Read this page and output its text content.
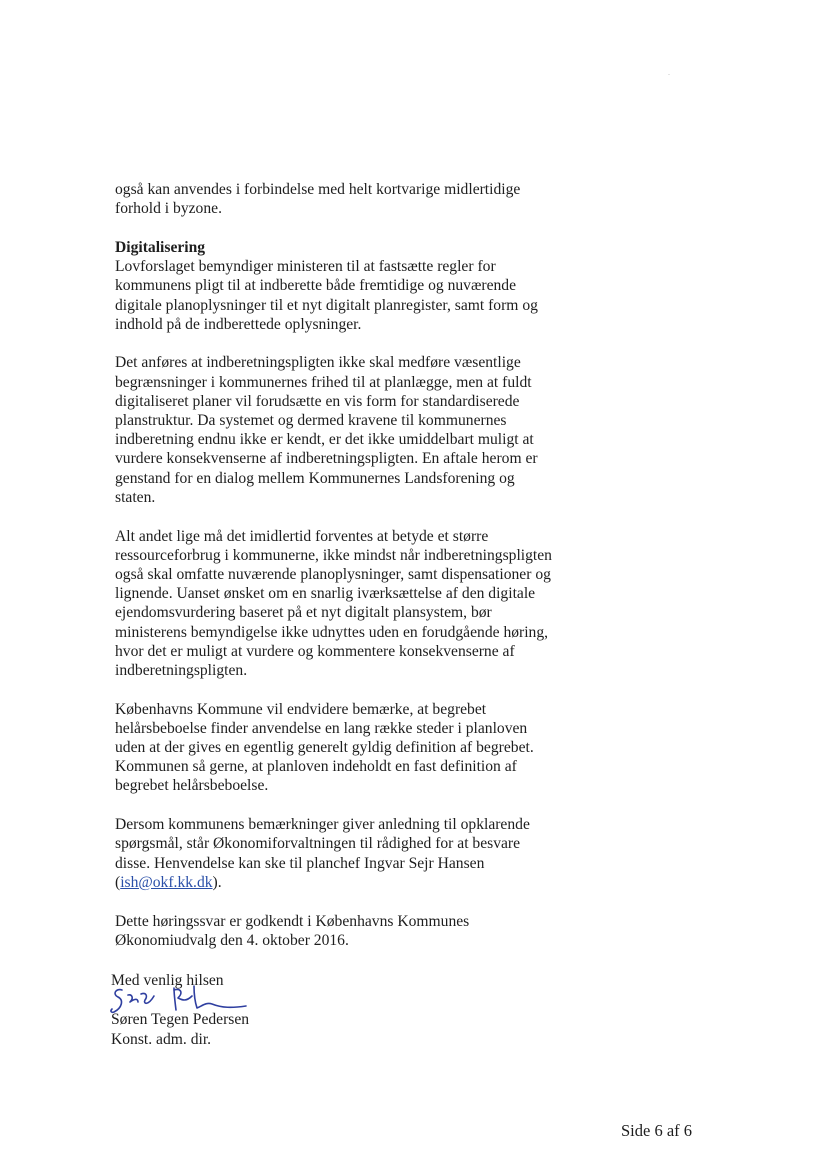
også kan anvendes i forbindelse med helt kortvarige midlertidige
forhold i byzone.
Digitalisering
Lovforslaget bemyndiger ministeren til at fastsætte regler for
kommunens pligt til at indberette både fremtidige og nuværende
digitale planoplysninger til et nyt digitalt planregister, samt form og
indhold på de indberettede oplysninger.
Det anføres at indberetningspligten ikke skal medføre væsentlige
begrænsninger i kommunernes frihed til at planlægge, men at fuldt
digitaliseret planer vil forudsætte en vis form for standardiserede
planstruktur. Da systemet og dermed kravene til kommunernes
indberetning endnu ikke er kendt, er det ikke umiddelbart muligt at
vurdere konsekvenserne af indberetningspligten. En aftale herom er
genstand for en dialog mellem Kommunernes Landsforening og
staten.
Alt andet lige må det imidlertid forventes at betyde et større
ressourceforbrug i kommunerne, ikke mindst når indberetningspligten
også skal omfatte nuværende planoplysninger, samt dispensationer og
lignende. Uanset ønsket om en snarlig iværksættelse af den digitale
ejendomsvurdering baseret på et nyt digitalt plansystem, bør
ministerens bemyndigelse ikke udnyttes uden en forudgående høring,
hvor det er muligt at vurdere og kommentere konsekvenserne af
indberetningspligten.
Københavns Kommune vil endvidere bemærke, at begrebet
helårsbeboelse finder anvendelse en lang række steder i planloven
uden at der gives en egentlig generelt gyldig definition af begrebet.
Kommunen så gerne, at planloven indeholdt en fast definition af
begrebet helårsbeboelse.
Dersom kommunens bemærkninger giver anledning til opklarende
spørgsmål, står Økonomiforvaltningen til rådighed for at besvare
disse. Henvendelse kan ske til planchef Ingvar Sejr Hansen
(ish@okf.kk.dk).
Dette høringssvar er godkendt i Københavns Kommunes
Økonomiudvalg den 4. oktober 2016.
Med venlig hilsen
Søren Tegen Pedersen
Konst. adm. dir.
Side 6 af 6
